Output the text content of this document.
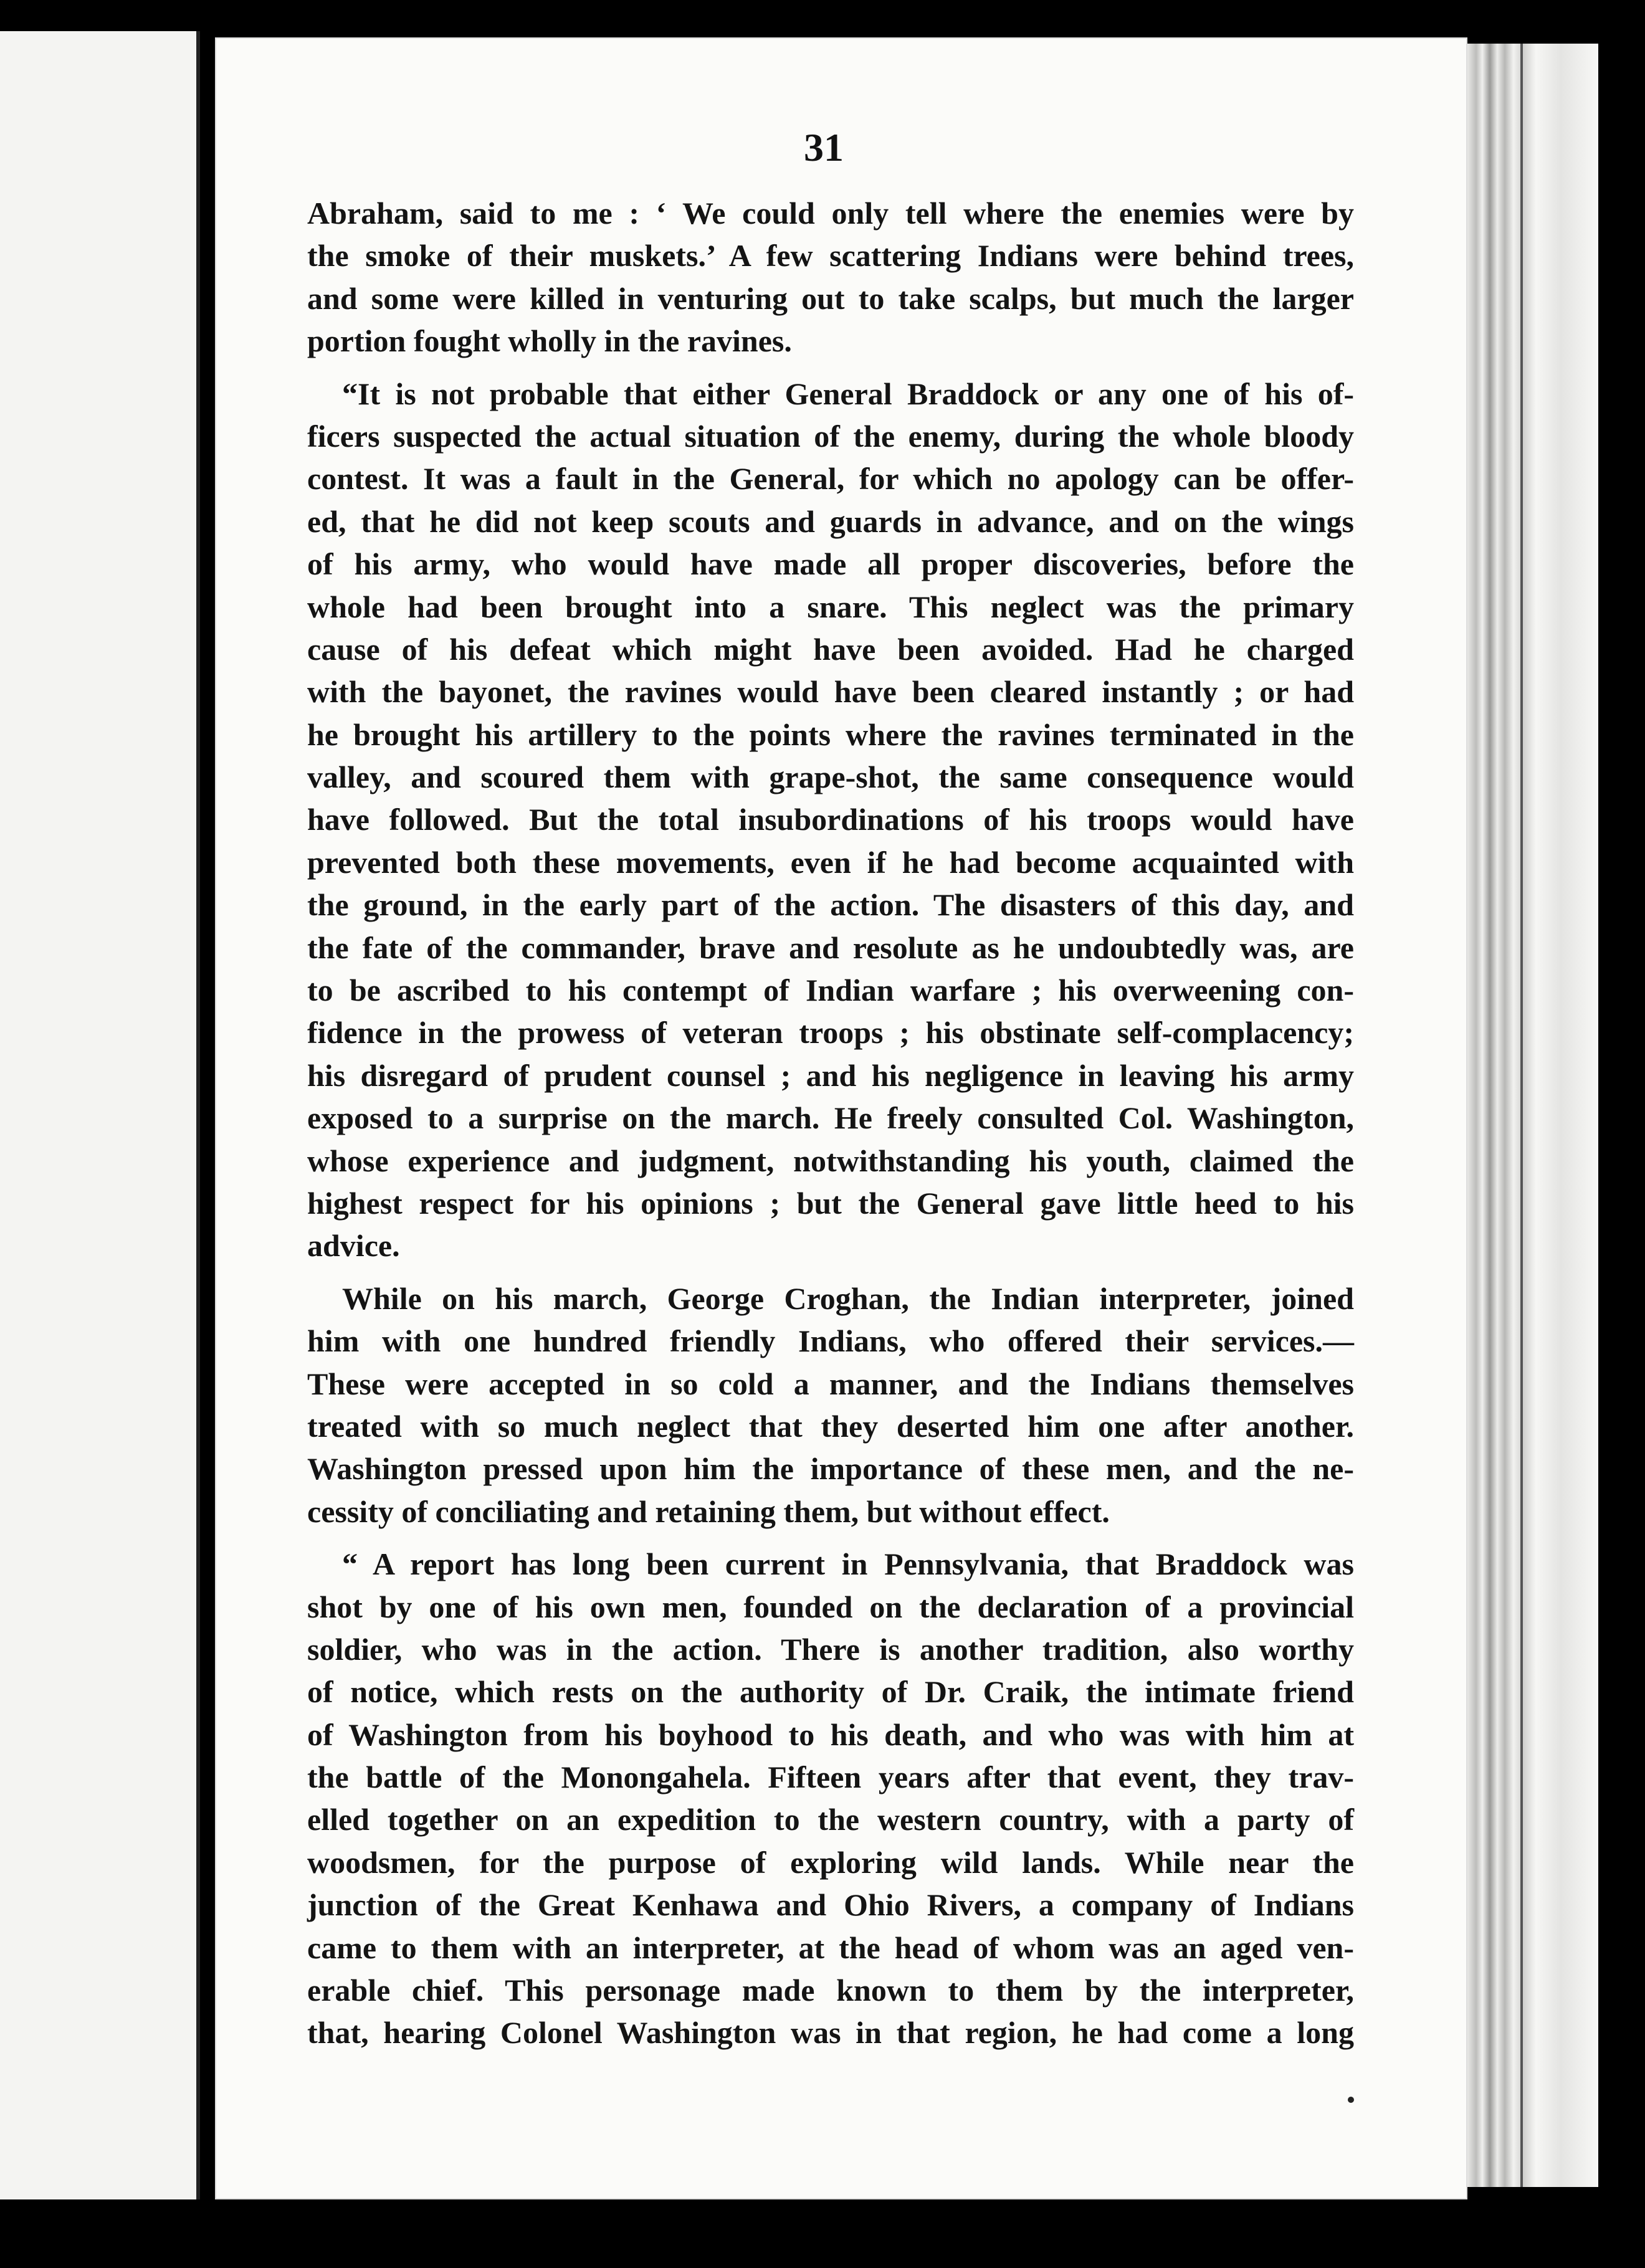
31
Abraham, said to me : ‘ We could only tell where the enemies were by
the smoke of their muskets.’ A few scattering Indians were behind trees,
and some were killed in venturing out to take scalps, but much the larger
portion fought wholly in the ravines.
“It is not probable that either General Braddock or any one of his of-
ficers suspected the actual situation of the enemy, during the whole bloody
contest. It was a fault in the General, for which no apology can be offer-
ed, that he did not keep scouts and guards in advance, and on the wings
of his army, who would have made all proper discoveries, before the
whole had been brought into a snare. This neglect was the primary
cause of his defeat which might have been avoided. Had he charged
with the bayonet, the ravines would have been cleared instantly ; or had
he brought his artillery to the points where the ravines terminated in the
valley, and scoured them with grape-shot, the same consequence would
have followed. But the total insubordinations of his troops would have
prevented both these movements, even if he had become acquainted with
the ground, in the early part of the action. The disasters of this day, and
the fate of the commander, brave and resolute as he undoubtedly was, are
to be ascribed to his contempt of Indian warfare ; his overweening con-
fidence in the prowess of veteran troops ; his obstinate self-complacency;
his disregard of prudent counsel ; and his negligence in leaving his army
exposed to a surprise on the march. He freely consulted Col. Washington,
whose experience and judgment, notwithstanding his youth, claimed the
highest respect for his opinions ; but the General gave little heed to his
advice.
While on his march, George Croghan, the Indian interpreter, joined
him with one hundred friendly Indians, who offered their services.—
These were accepted in so cold a manner, and the Indians themselves
treated with so much neglect that they deserted him one after another.
Washington pressed upon him the importance of these men, and the ne-
cessity of conciliating and retaining them, but without effect.
“ A report has long been current in Pennsylvania, that Braddock was
shot by one of his own men, founded on the declaration of a provincial
soldier, who was in the action. There is another tradition, also worthy
of notice, which rests on the authority of Dr. Craik, the intimate friend
of Washington from his boyhood to his death, and who was with him at
the battle of the Monongahela. Fifteen years after that event, they trav-
elled together on an expedition to the western country, with a party of
woodsmen, for the purpose of exploring wild lands. While near the
junction of the Great Kenhawa and Ohio Rivers, a company of Indians
came to them with an interpreter, at the head of whom was an aged ven-
erable chief. This personage made known to them by the interpreter,
that, hearing Colonel Washington was in that region, he had come a long
